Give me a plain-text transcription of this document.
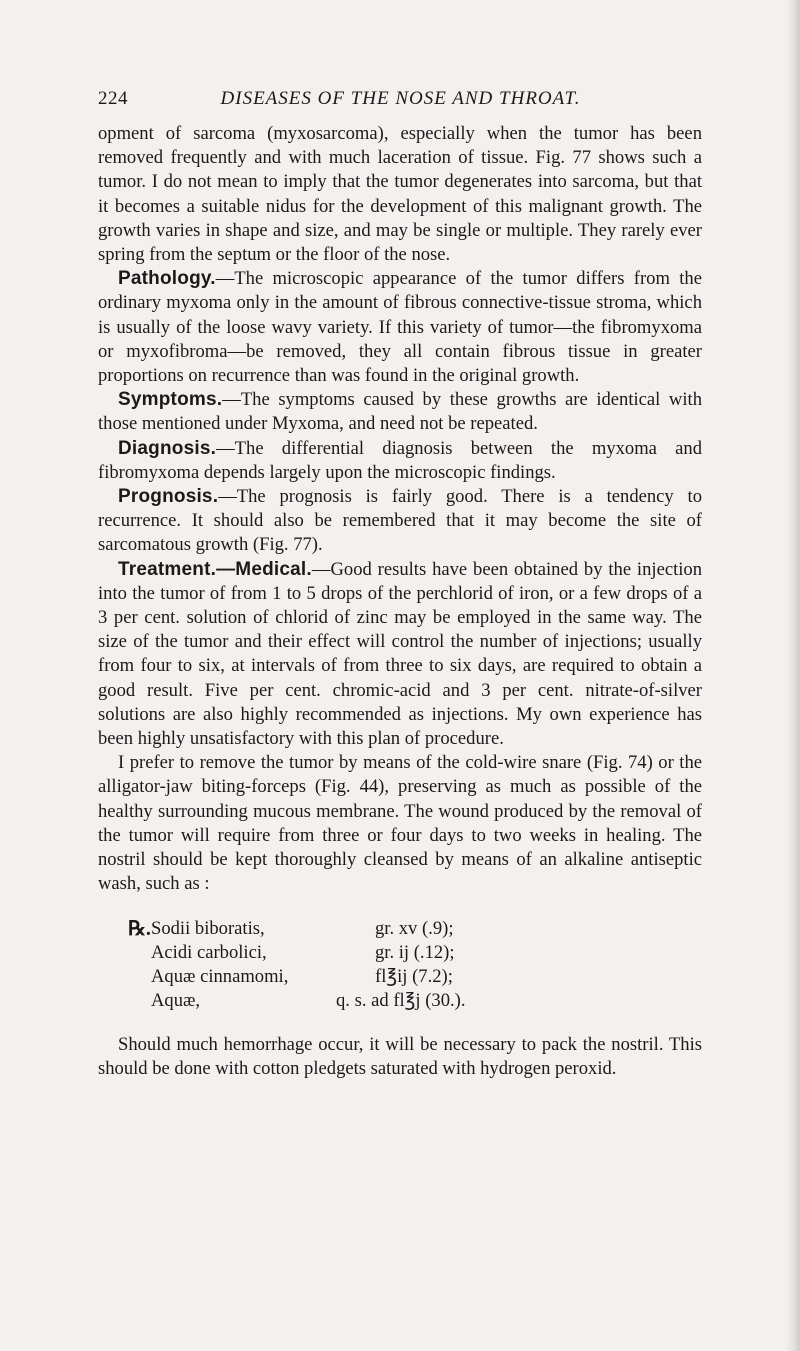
224	DISEASES OF THE NOSE AND THROAT.

opment of sarcoma (myxosarcoma), especially when the tumor has been removed frequently and with much laceration of tissue. Fig. 77 shows such a tumor. I do not mean to imply that the tumor degenerates into sarcoma, but that it becomes a suitable nidus for the development of this malignant growth. The growth varies in shape and size, and may be single or multiple. They rarely ever spring from the septum or the floor of the nose.

Pathology.—The microscopic appearance of the tumor differs from the ordinary myxoma only in the amount of fibrous connective-tissue stroma, which is usually of the loose wavy variety. If this variety of tumor—the fibromyxoma or myxofibroma—be removed, they all contain fibrous tissue in greater proportions on recurrence than was found in the original growth.

Symptoms.—The symptoms caused by these growths are identical with those mentioned under Myxoma, and need not be repeated.

Diagnosis.—The differential diagnosis between the myxoma and fibromyxoma depends largely upon the microscopic findings.

Prognosis.—The prognosis is fairly good. There is a tendency to recurrence. It should also be remembered that it may become the site of sarcomatous growth (Fig. 77).

Treatment.—Medical.—Good results have been obtained by the injection into the tumor of from 1 to 5 drops of the perchlorid of iron, or a few drops of a 3 per cent. solution of chlorid of zinc may be employed in the same way. The size of the tumor and their effect will control the number of injections; usually from four to six, at intervals of from three to six days, are required to obtain a good result. Five per cent. chromic-acid and 3 per cent. nitrate-of-silver solutions are also highly recommended as injections. My own experience has been highly unsatisfactory with this plan of procedure.

I prefer to remove the tumor by means of the cold-wire snare (Fig. 74) or the alligator-jaw biting-forceps (Fig. 44), preserving as much as possible of the healthy surrounding mucous membrane. The wound produced by the removal of the tumor will require from three or four days to two weeks in healing. The nostril should be kept thoroughly cleansed by means of an alkaline antiseptic wash, such as :

℞. Sodii biboratis,	gr. xv (.9);
Acidi carbolici,	gr. ij (.12);
Aquæ cinnamomi,	fl℥ij (7.2);
Aquæ,	q. s. ad fl℥j (30.).

Should much hemorrhage occur, it will be necessary to pack the nostril. This should be done with cotton pledgets saturated with hydrogen peroxid.
